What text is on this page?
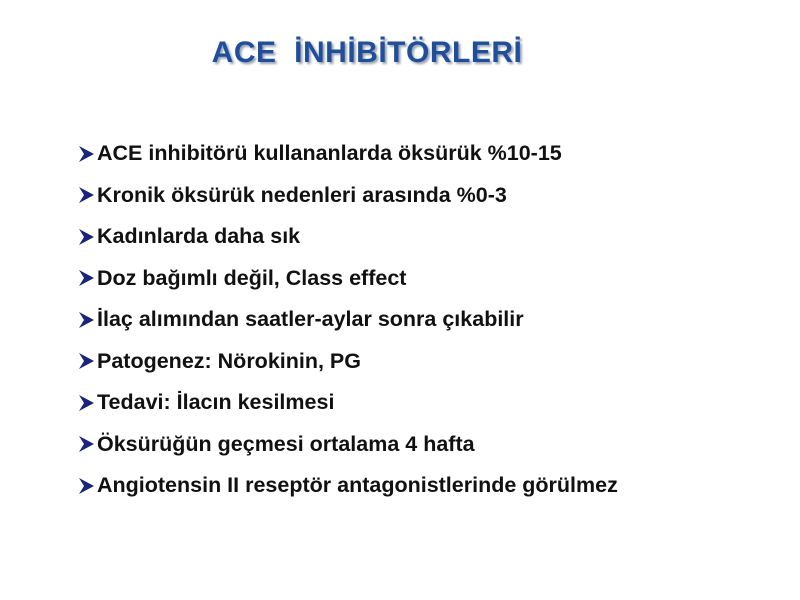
ACE  İNHİBİTÖRLERİ
ACE inhibitörü kullananlarda öksürük %10-15
Kronik öksürük nedenleri arasında %0-3
Kadınlarda daha sık
Doz bağımlı değil, Class effect
İlaç alımından saatler-aylar sonra çıkabilir
Patogenez: Nörokinin, PG
Tedavi: İlacın kesilmesi
Öksürüğün geçmesi ortalama 4 hafta
Angiotensin II reseptör antagonistlerinde görülmez
